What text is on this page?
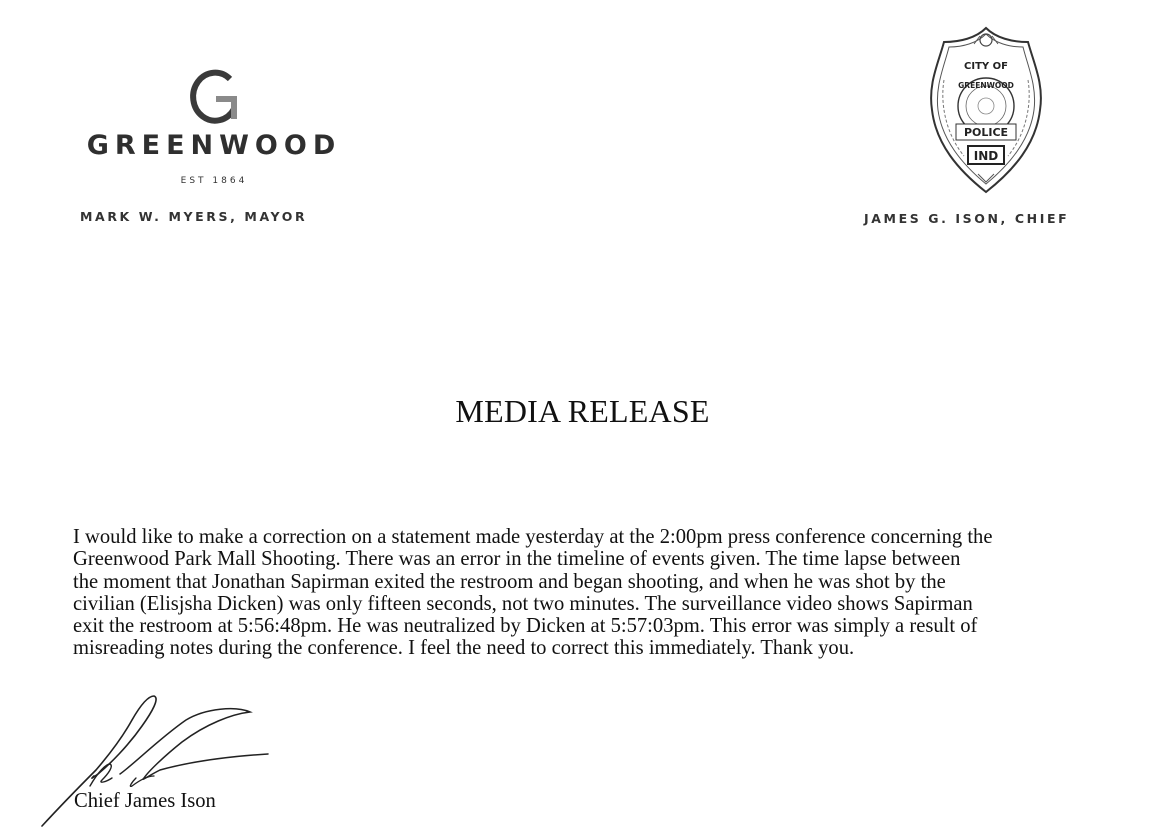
GREENWOOD
EST 1864
MARK W. MYERS, MAYOR
CITY OF
GREENWOOD
POLICE
IND
JAMES G. ISON, CHIEF
MEDIA RELEASE
I would like to make a correction on a statement made yesterday at the 2:00pm press conference concerning the
Greenwood Park Mall Shooting. There was an error in the timeline of events given. The time lapse between
the moment that Jonathan Sapirman exited the restroom and began shooting, and when he was shot by the
civilian (Elisjsha Dicken) was only fifteen seconds, not two minutes. The surveillance video shows Sapirman
exit the restroom at 5:56:48pm. He was neutralized by Dicken at 5:57:03pm. This error was simply a result of
misreading notes during the conference. I feel the need to correct this immediately. Thank you.
Chief James Ison
